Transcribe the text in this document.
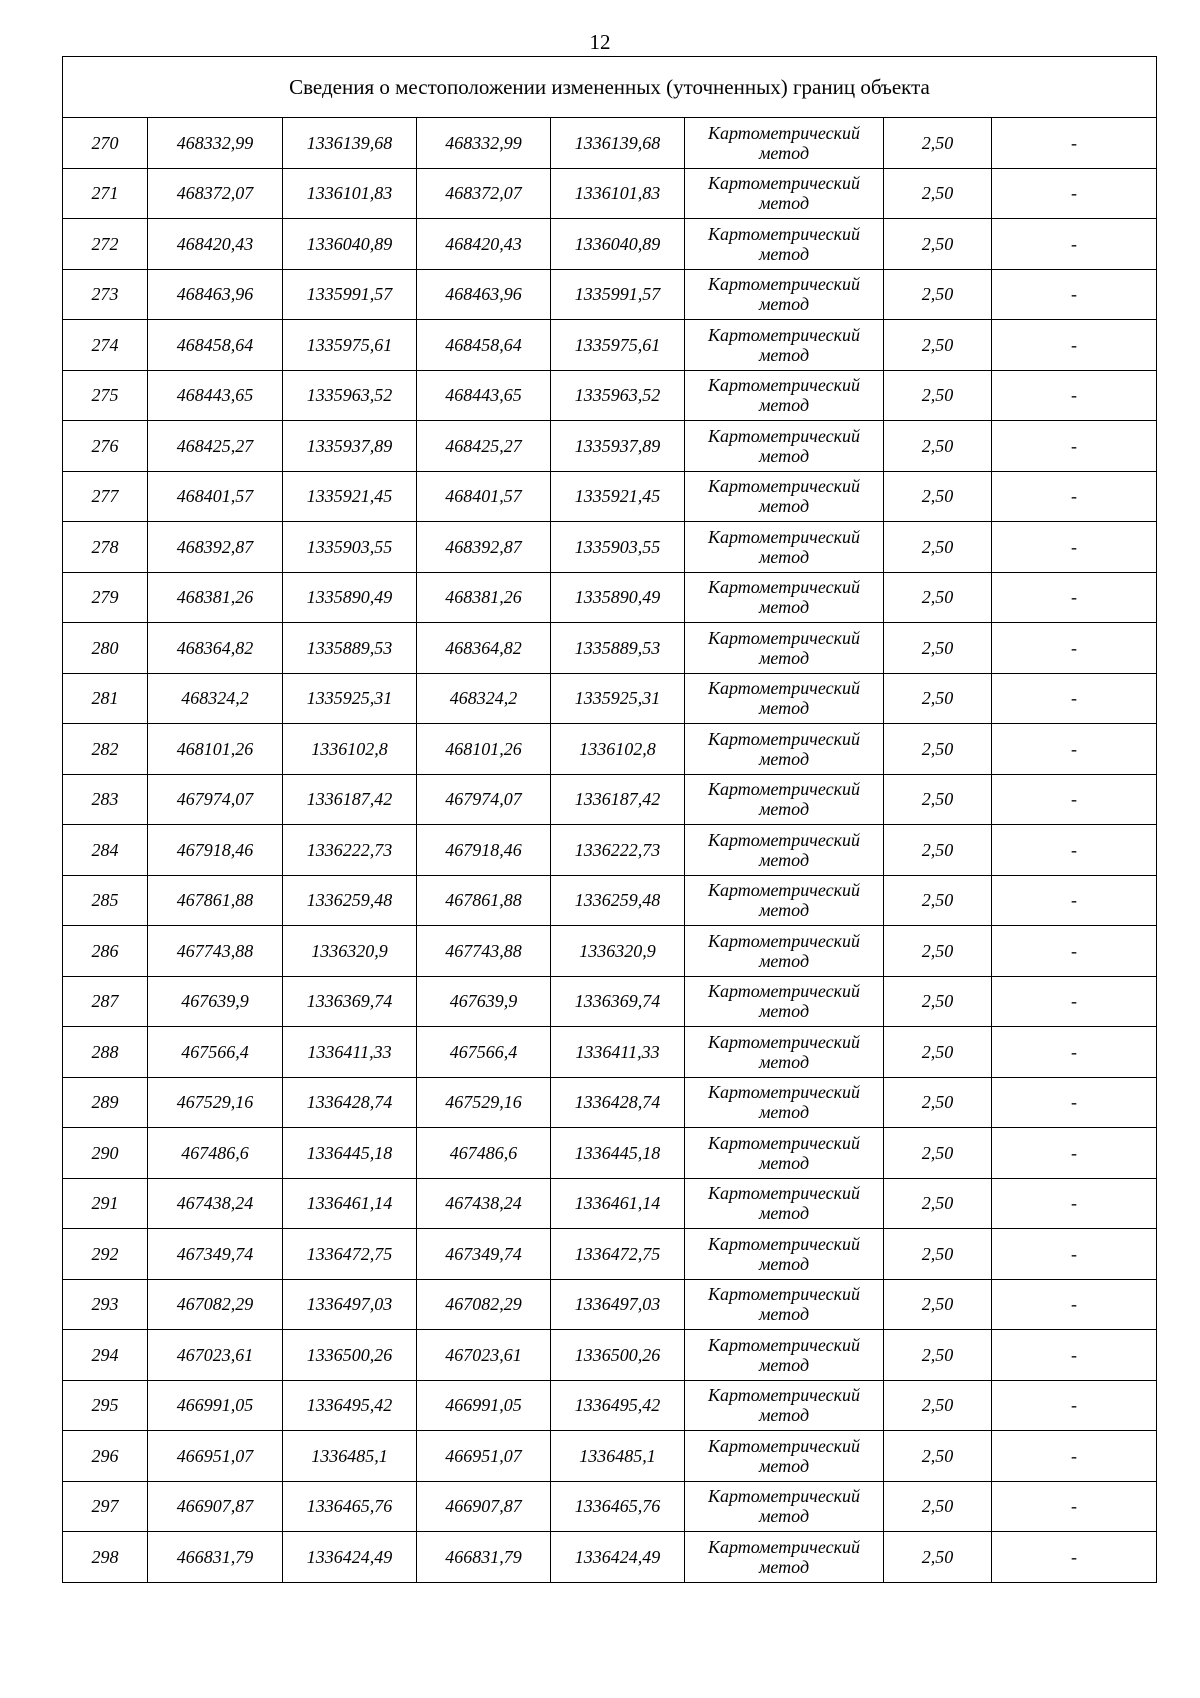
12
Сведения о местоположении измененных (уточненных) границ объекта							
270	468332,99	1336139,68	468332,99	1336139,68	Картометрический
метод	2,50	-
271	468372,07	1336101,83	468372,07	1336101,83	Картометрический
метод	2,50	-
272	468420,43	1336040,89	468420,43	1336040,89	Картометрический
метод	2,50	-
273	468463,96	1335991,57	468463,96	1335991,57	Картометрический
метод	2,50	-
274	468458,64	1335975,61	468458,64	1335975,61	Картометрический
метод	2,50	-
275	468443,65	1335963,52	468443,65	1335963,52	Картометрический
метод	2,50	-
276	468425,27	1335937,89	468425,27	1335937,89	Картометрический
метод	2,50	-
277	468401,57	1335921,45	468401,57	1335921,45	Картометрический
метод	2,50	-
278	468392,87	1335903,55	468392,87	1335903,55	Картометрический
метод	2,50	-
279	468381,26	1335890,49	468381,26	1335890,49	Картометрический
метод	2,50	-
280	468364,82	1335889,53	468364,82	1335889,53	Картометрический
метод	2,50	-
281	468324,2	1335925,31	468324,2	1335925,31	Картометрический
метод	2,50	-
282	468101,26	1336102,8	468101,26	1336102,8	Картометрический
метод	2,50	-
283	467974,07	1336187,42	467974,07	1336187,42	Картометрический
метод	2,50	-
284	467918,46	1336222,73	467918,46	1336222,73	Картометрический
метод	2,50	-
285	467861,88	1336259,48	467861,88	1336259,48	Картометрический
метод	2,50	-
286	467743,88	1336320,9	467743,88	1336320,9	Картометрический
метод	2,50	-
287	467639,9	1336369,74	467639,9	1336369,74	Картометрический
метод	2,50	-
288	467566,4	1336411,33	467566,4	1336411,33	Картометрический
метод	2,50	-
289	467529,16	1336428,74	467529,16	1336428,74	Картометрический
метод	2,50	-
290	467486,6	1336445,18	467486,6	1336445,18	Картометрический
метод	2,50	-
291	467438,24	1336461,14	467438,24	1336461,14	Картометрический
метод	2,50	-
292	467349,74	1336472,75	467349,74	1336472,75	Картометрический
метод	2,50	-
293	467082,29	1336497,03	467082,29	1336497,03	Картометрический
метод	2,50	-
294	467023,61	1336500,26	467023,61	1336500,26	Картометрический
метод	2,50	-
295	466991,05	1336495,42	466991,05	1336495,42	Картометрический
метод	2,50	-
296	466951,07	1336485,1	466951,07	1336485,1	Картометрический
метод	2,50	-
297	466907,87	1336465,76	466907,87	1336465,76	Картометрический
метод	2,50	-
298	466831,79	1336424,49	466831,79	1336424,49	Картометрический
метод	2,50	-
